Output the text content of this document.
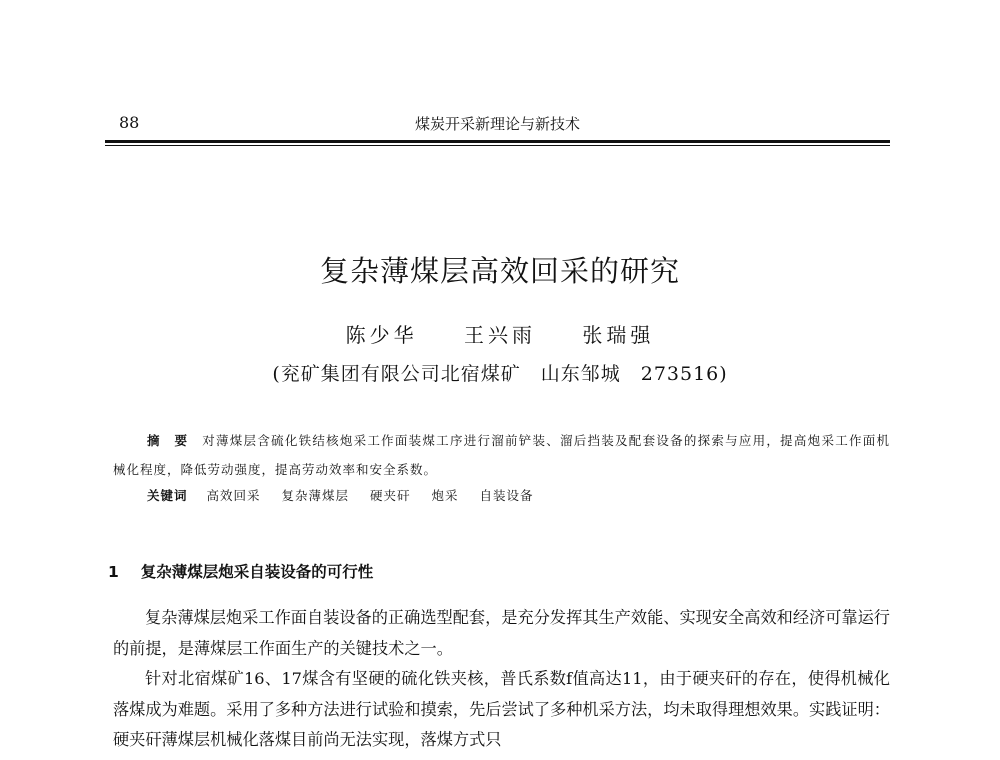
88	煤炭开采新理论与新技术
复杂薄煤层高效回采的研究
陈少华 王兴雨 张瑞强
(兖矿集团有限公司北宿煤矿　山东邹城　273516)
摘　要 对薄煤层含硫化铁结核炮采工作面装煤工序进行溜前铲装、溜后挡装及配套设备的探索与应用，提高炮采工作面机械化程度，降低劳动强度，提高劳动效率和安全系数。
关键词 高效回采 复杂薄煤层 硬夹矸 炮采 自装设备
1 复杂薄煤层炮采自装设备的可行性

复杂薄煤层炮采工作面自装设备的正确选型配套，是充分发挥其生产效能、实现安全高效和经济可靠运行的前提，是薄煤层工作面生产的关键技术之一。

针对北宿煤矿16、17煤含有坚硬的硫化铁夹核，普氏系数f值高达11，由于硬夹矸的存在，使得机械化落煤成为难题。采用了多种方法进行试验和摸索，先后尝试了多种机采方法，均未取得理想效果。实践证明：硬夹矸薄煤层机械化落煤目前尚无法实现，落煤方式只
